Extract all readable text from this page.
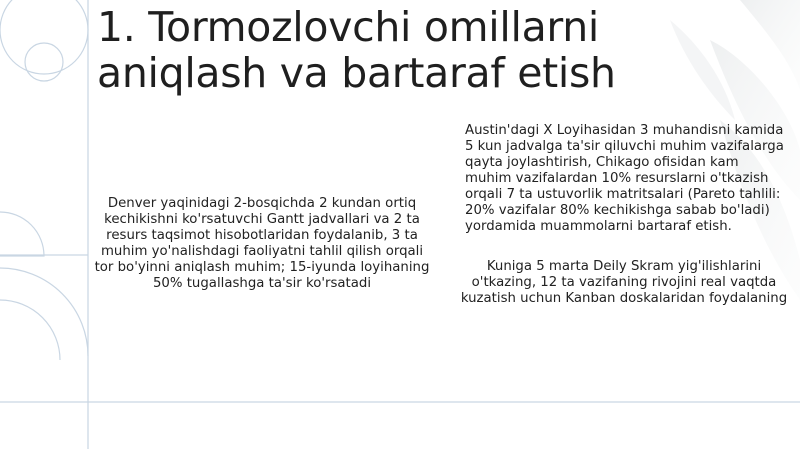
1. Tormozlovchi omillarni aniqlash va bartaraf etish

Denver yaqinidagi 2-bosqichda 2 kundan ortiq kechikishni ko'rsatuvchi Gantt jadvallari va 2 ta resurs taqsimot hisobotlaridan foydalanib, 3 ta muhim yo'nalishdagi faoliyatni tahlil qilish orqali tor bo'yinni aniqlash muhim; 15-iyunda loyihaning 50% tugallashga ta'sir ko'rsatadi

Austin'dagi X Loyihasidan 3 muhandisni kamida 5 kun jadvalga ta'sir qiluvchi muhim vazifalarga qayta joylashtirish, Chikago ofisidan kam muhim vazifalardan 10% resurslarni o'tkazish orqali 7 ta ustuvorlik matritsalari (Pareto tahlili: 20% vazifalar 80% kechikishga sabab bo'ladi) yordamida muammolarni bartaraf etish.

Kuniga 5 marta Deily Skram yig'ilishlarini o'tkazing, 12 ta vazifaning rivojini real vaqtda kuzatish uchun Kanban doskalaridan foydalaning
